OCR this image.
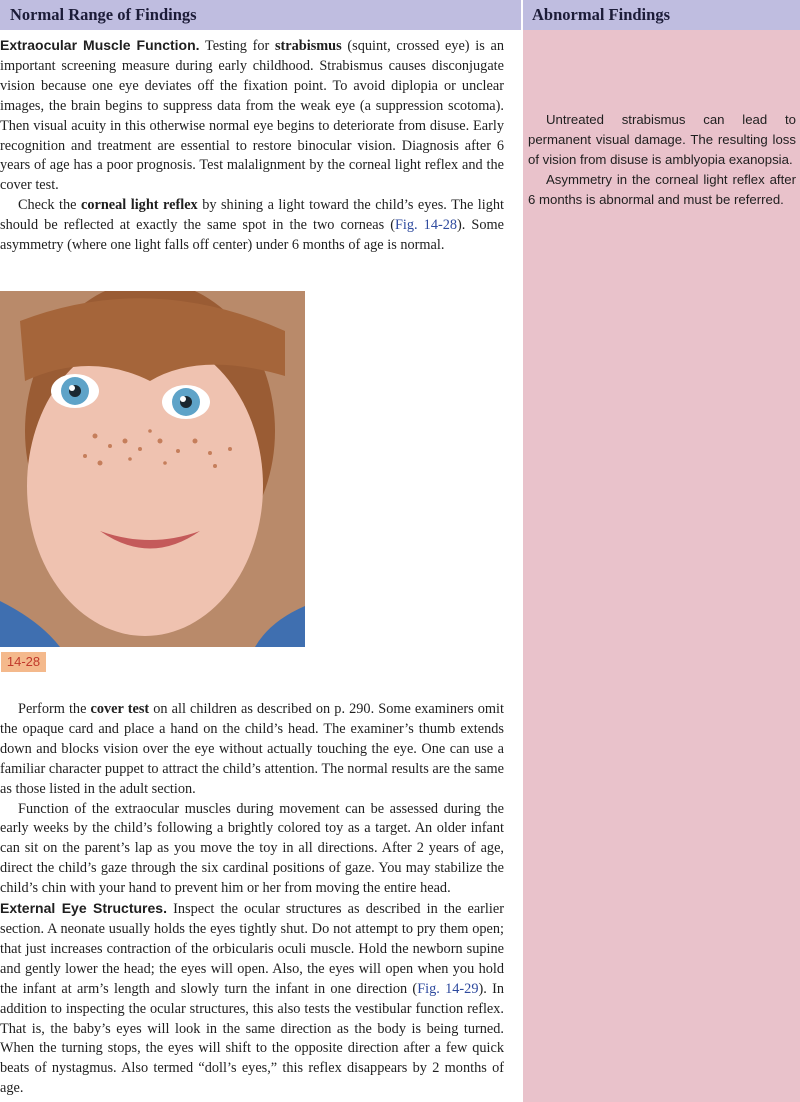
Normal Range of Findings	Abnormal Findings

Extraocular Muscle Function. Testing for strabismus (squint, crossed eye) is an important screening measure during early childhood. Strabismus causes disconjugate vision because one eye deviates off the fixation point. To avoid diplopia or unclear images, the brain begins to suppress data from the weak eye (a suppression scotoma). Then visual acuity in this otherwise normal eye begins to deteriorate from disuse. Early recognition and treatment are essential to restore binocular vision. Diagnosis after 6 years of age has a poor prognosis. Test malalignment by the corneal light reflex and the cover test.

Check the corneal light reflex by shining a light toward the child’s eyes. The light should be reflected at exactly the same spot in the two corneas (Fig. 14-28). Some asymmetry (where one light falls off center) under 6 months of age is normal.

14-28

Perform the cover test on all children as described on p. 290. Some examiners omit the opaque card and place a hand on the child’s head. The examiner’s thumb extends down and blocks vision over the eye without actually touching the eye. One can use a familiar character puppet to attract the child’s attention. The normal results are the same as those listed in the adult section.

Function of the extraocular muscles during movement can be assessed during the early weeks by the child’s following a brightly colored toy as a target. An older infant can sit on the parent’s lap as you move the toy in all directions. After 2 years of age, direct the child’s gaze through the six cardinal positions of gaze. You may stabilize the child’s chin with your hand to prevent him or her from moving the entire head.

External Eye Structures. Inspect the ocular structures as described in the earlier section. A neonate usually holds the eyes tightly shut. Do not attempt to pry them open; that just increases contraction of the orbicularis oculi muscle. Hold the newborn supine and gently lower the head; the eyes will open. Also, the eyes will open when you hold the infant at arm’s length and slowly turn the infant in one direction (Fig. 14-29). In addition to inspecting the ocular structures, this also tests the vestibular function reflex. That is, the baby’s eyes will look in the same direction as the body is being turned. When the turning stops, the eyes will shift to the opposite direction after a few quick beats of nystagmus. Also termed “doll’s eyes,” this reflex disappears by 2 months of age.

Untreated strabismus can lead to permanent visual damage. The resulting loss of vision from disuse is amblyopia exanopsia.

Asymmetry in the corneal light reflex after 6 months is abnormal and must be referred.
